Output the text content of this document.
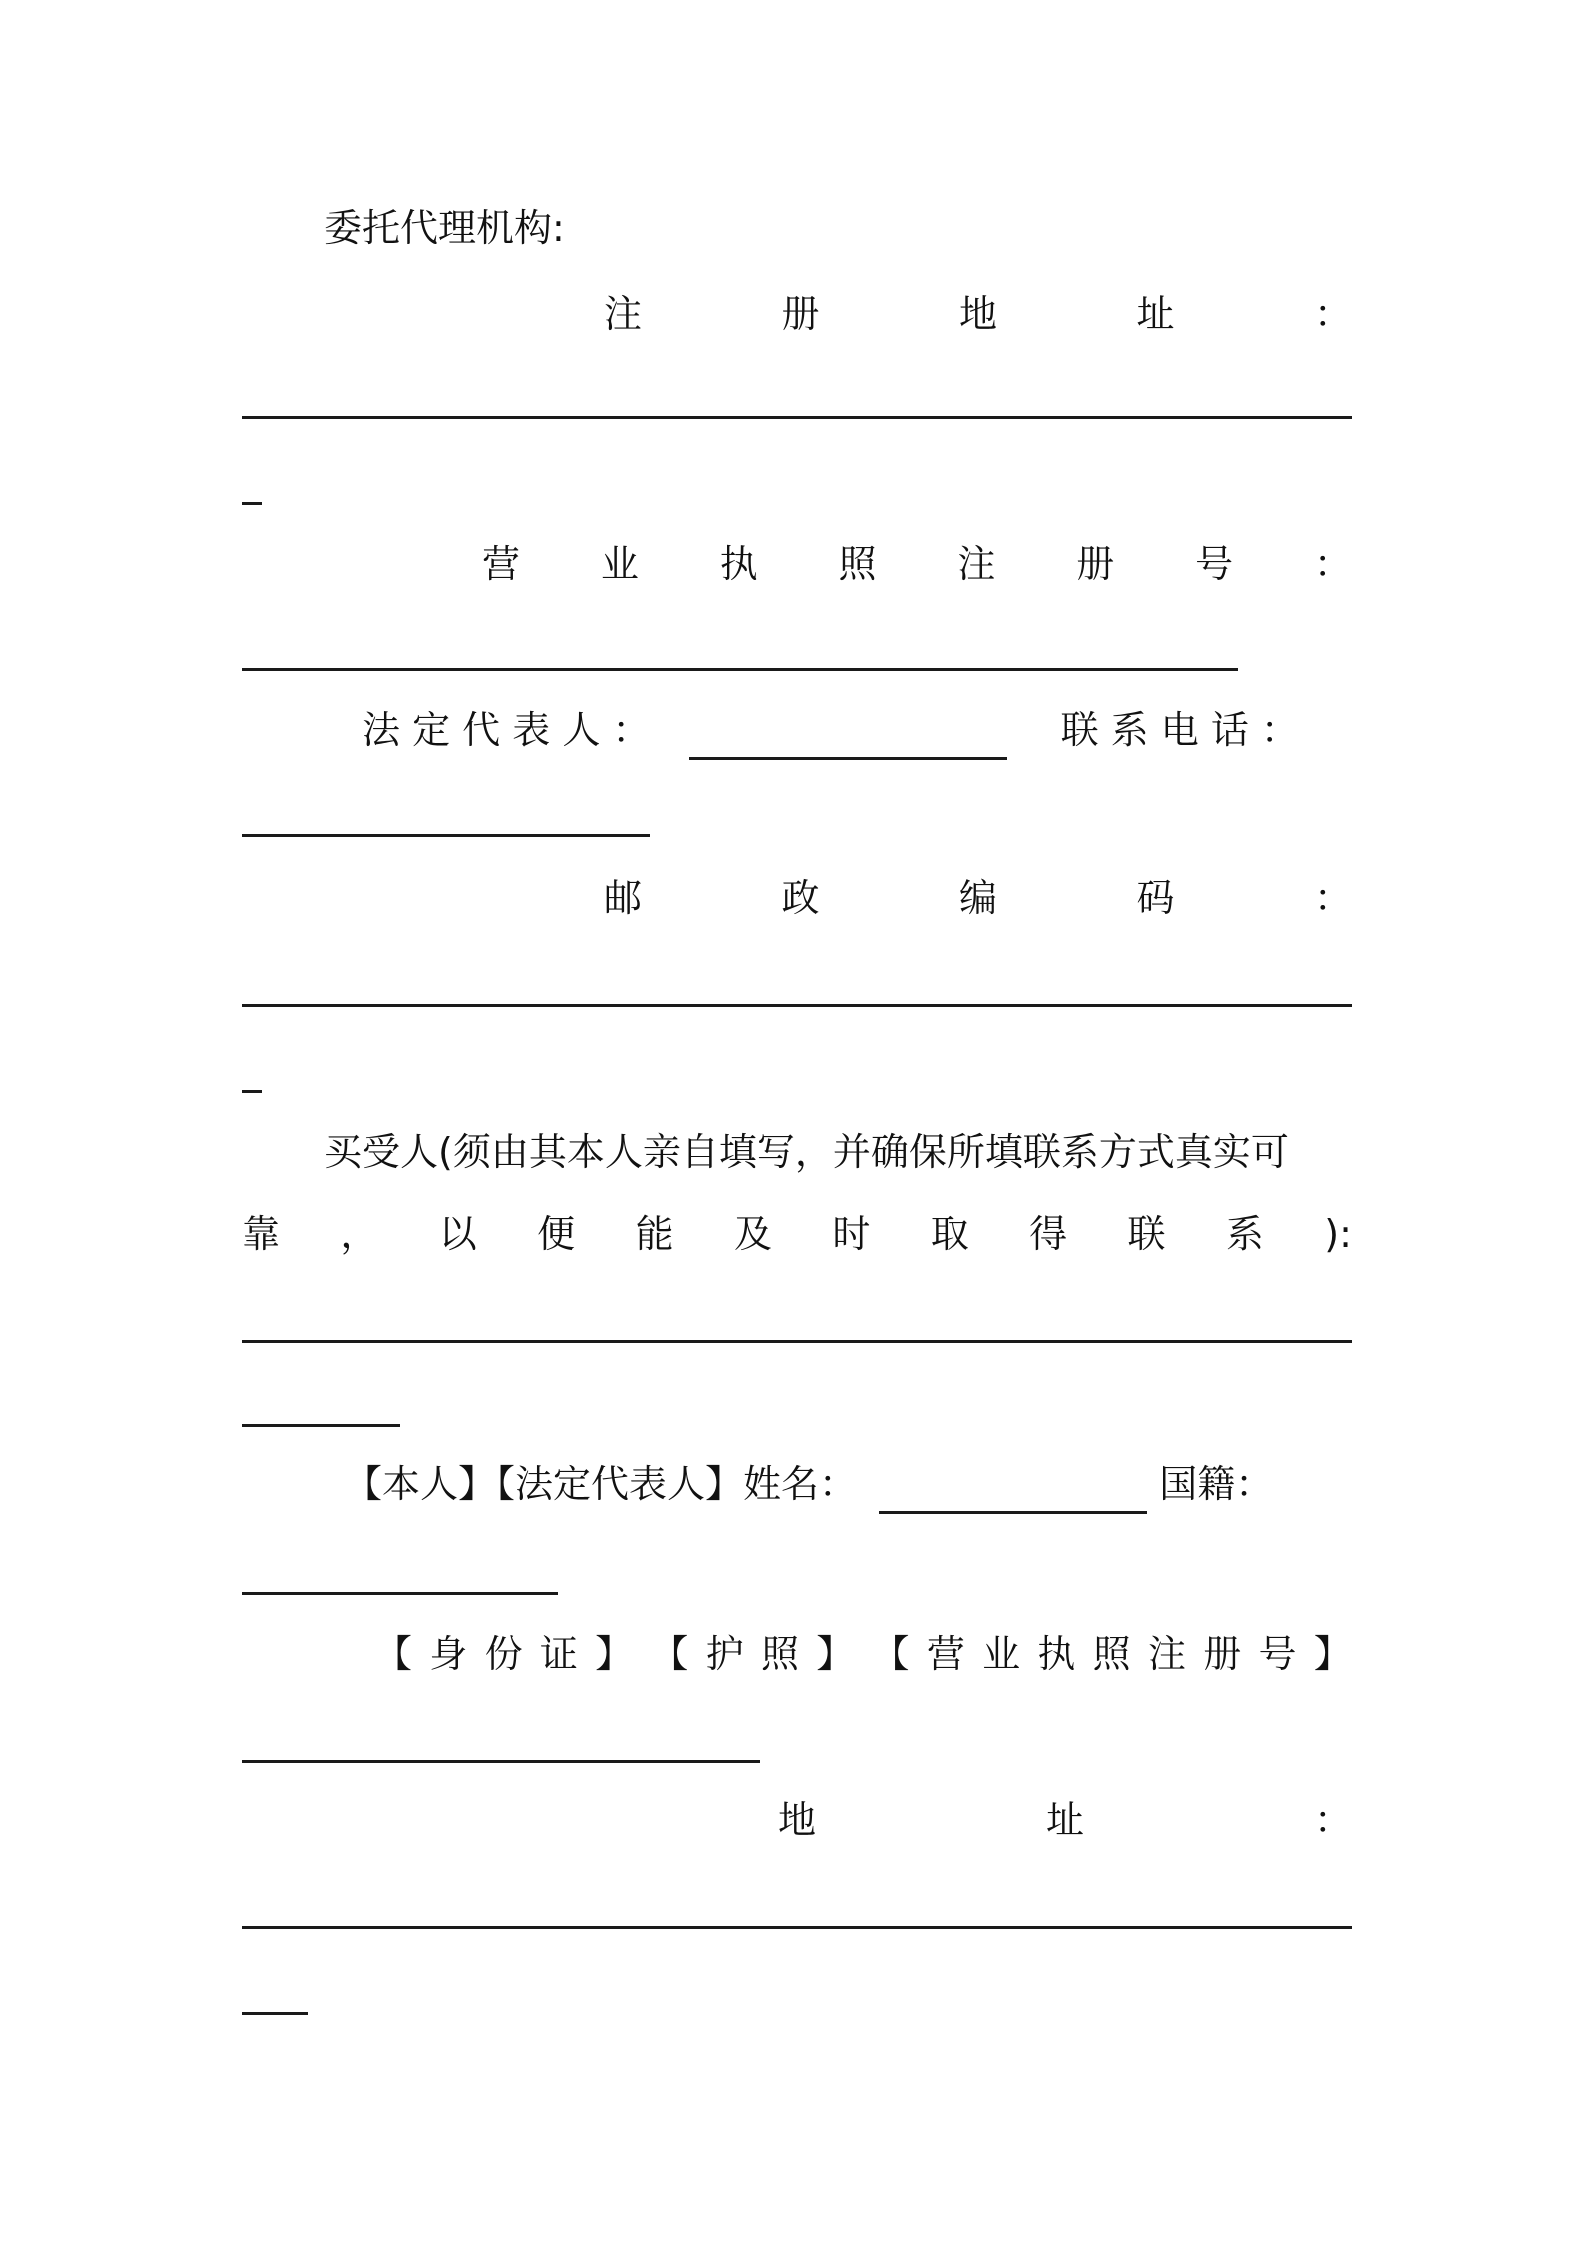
委托代理机构:

注	册	地	址	：
营 业 执 照 注 册 号 ：
法 定 代 表 人 ：	联 系 电 话 ：
邮	政	编	码	：

买受人(须由其本人亲自填写，并确保所填联系方式真实可

靠 ， 以 便 能 及 时 取 得 联 系 ):
【本人】【法定代表人】姓名：	国籍：
【 身 份 证 】 【 护 照 】 【 营 业 执 照 注 册 号 】
地	址	：
